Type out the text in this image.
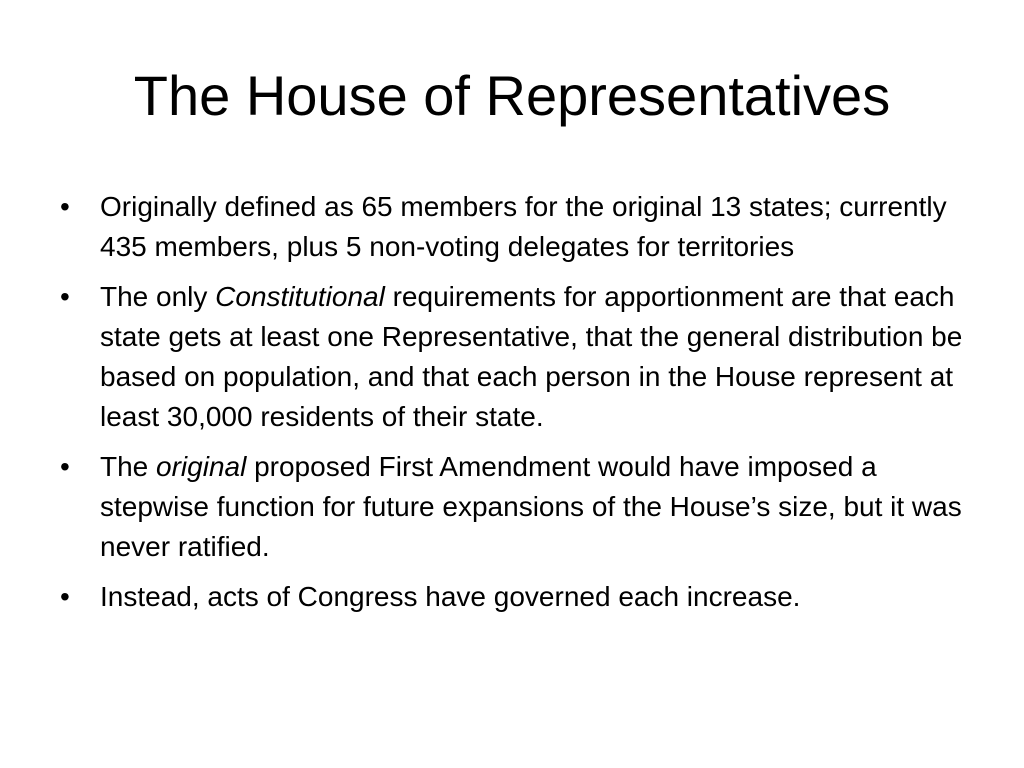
The House of Representatives
•	Originally defined as 65 members for the original 13 states; currently 435 members, plus 5 non-voting delegates for territories
•	The only Constitutional requirements for apportionment are that each state gets at least one Representative, that the general distribution be based on population, and that each person in the House represent at least 30,000 residents of their state.
•	The original proposed First Amendment would have imposed a stepwise function for future expansions of the House’s size, but it was never ratified.
•	Instead, acts of Congress have governed each increase.
